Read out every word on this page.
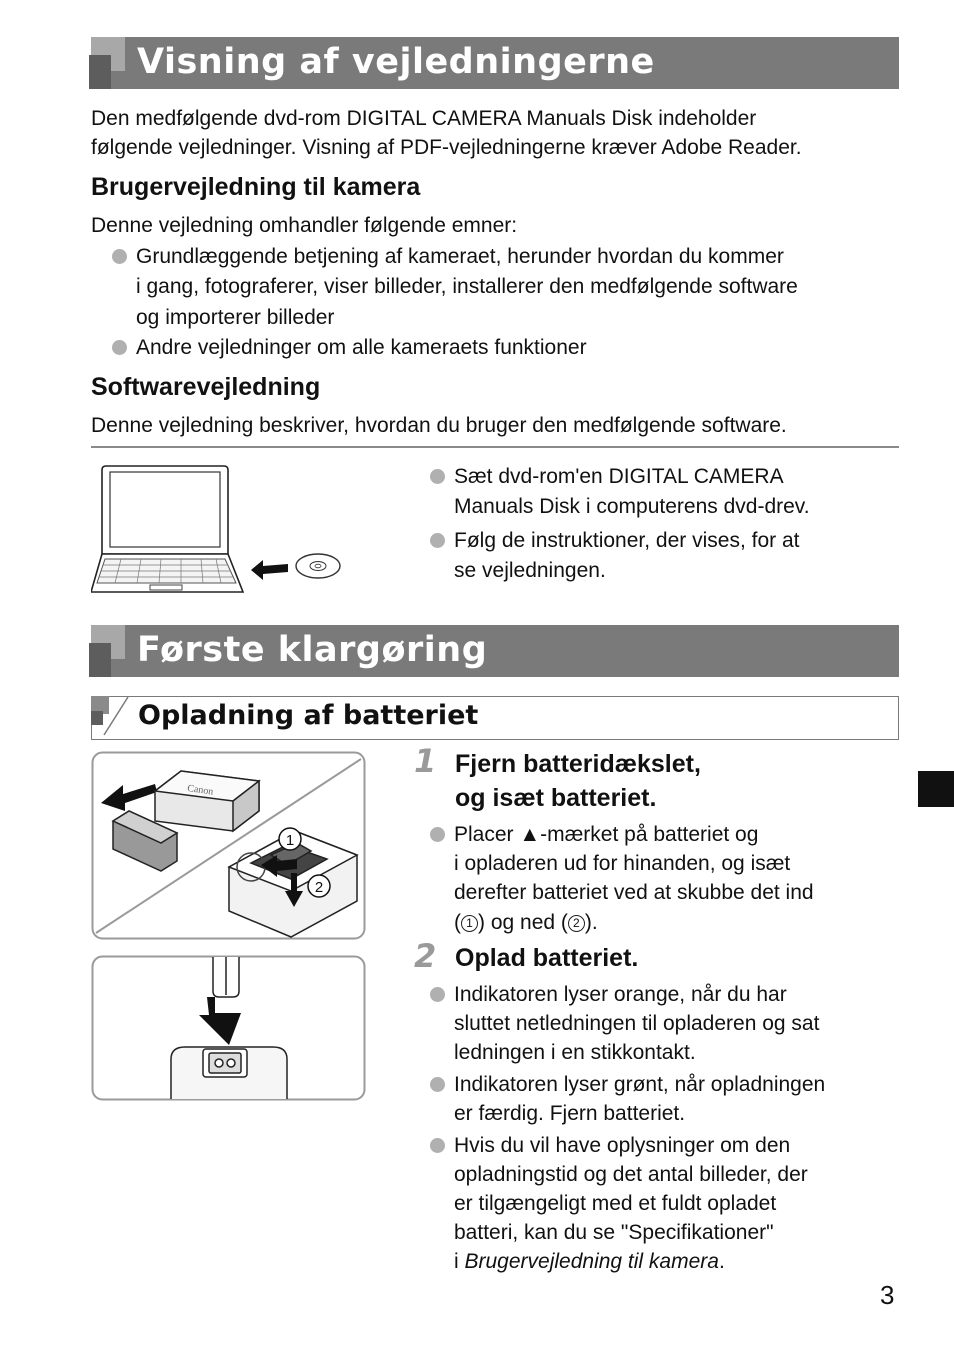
Visning af vejledningerne

Den medfølgende dvd-rom DIGITAL CAMERA Manuals Disk indeholder

følgende vejledninger. Visning af PDF-vejledningerne kræver Adobe Reader.

Brugervejledning til kamera

Denne vejledning omhandler følgende emner:

Grundlæggende betjening af kameraet, herunder hvordan du kommer
i gang, fotograferer, viser billeder, installerer den medfølgende software
og importerer billeder
Andre vejledninger om alle kameraets funktioner
Softwarevejledning

Denne vejledning beskriver, hvordan du bruger den medfølgende software.

Sæt dvd-rom'en DIGITAL CAMERA
Manuals Disk i computerens dvd-drev.
Følg de instruktioner, der vises, for at
se vejledningen.
Første klargøring
Opladning af batteriet
Canon
1
2
1 Fjern batteridækslet,
og isæt batteriet.
Placer ▲-mærket på batteriet og
i opladeren ud for hinanden, og isæt
derefter batteriet ved at skubbe det ind
( 1 ) og ned ( 2 ).
2 Oplad batteriet.
Indikatoren lyser orange, når du har
sluttet netledningen til opladeren og sat
ledningen i en stikkontakt.
Indikatoren lyser grønt, når opladningen
er færdig. Fjern batteriet.
Hvis du vil have oplysninger om den
opladningstid og det antal billeder, der
er tilgængeligt med et fuldt opladet
batteri, kan du se "Specifikationer"
i Brugervejledning til kamera.
3
